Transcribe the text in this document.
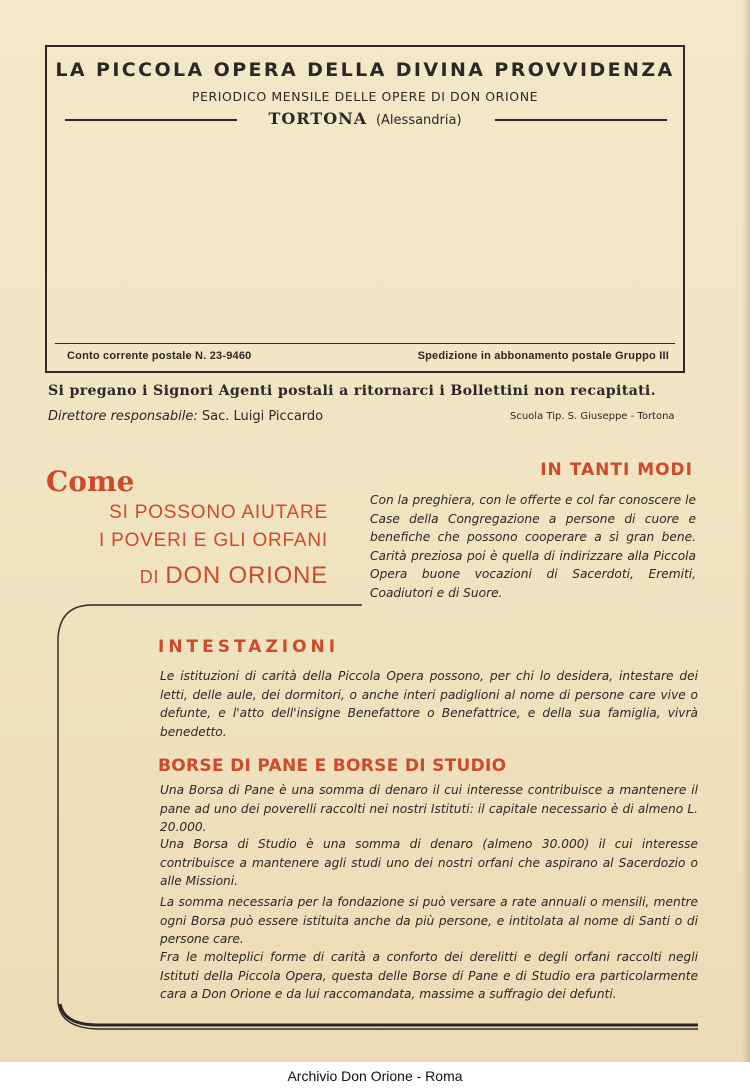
LA PICCOLA OPERA DELLA DIVINA PROVVIDENZA
PERIODICO MENSILE DELLE OPERE DI DON ORIONE
TORTONA (Alessandria)
Conto corrente postale N. 23-9460	Spedizione in abbonamento postale Gruppo III
Si pregano i Signori Agenti postali a ritornarci i Bollettini non recapitati.
Direttore responsabile: Sac. Luigi Piccardo	Scuola Tip. S. Giuseppe - Tortona
Come
SI POSSONO AIUTARE
I POVERI E GLI ORFANI
DI DON ORIONE
IN TANTI MODI
Con la preghiera, con le offerte e col far conoscere le Case della Congregazione a persone di cuore e benefiche che possono cooperare a sì gran bene. Carità preziosa poi è quella di indirizzare alla Piccola Opera buone vocazioni di Sacerdoti, Eremiti, Coadiutori e di Suore.
INTESTAZIONI
Le istituzioni di carità della Piccola Opera possono, per chi lo desidera, intestare dei letti, delle aule, dei dormitori, o anche interi padiglioni al nome di persone care vive o defunte, e l'atto dell'insigne Benefattore o Benefattrice, e della sua famiglia, vivrà benedetto.
BORSE DI PANE E BORSE DI STUDIO
Una Borsa di Pane è una somma di denaro il cui interesse contribuisce a mantenere il pane ad uno dei poverelli raccolti nei nostri Istituti: il capitale necessario è di almeno L. 20.000.
Una Borsa di Studio è una somma di denaro (almeno 30.000) il cui interesse contribuisce a mantenere agli studi uno dei nostri orfani che aspirano al Sacerdozio o alle Missioni.
La somma necessaria per la fondazione si può versare a rate annuali o mensili, mentre ogni Borsa può essere istituita anche da più persone, e intitolata al nome di Santi o di persone care.
Fra le molteplici forme di carità a conforto dei derelitti e degli orfani raccolti negli Istituti della Piccola Opera, questa delle Borse di Pane e di Studio era particolarmente cara a Don Orione e da lui raccomandata, massime a suffragio dei defunti.
Archivio Don Orione - Roma
